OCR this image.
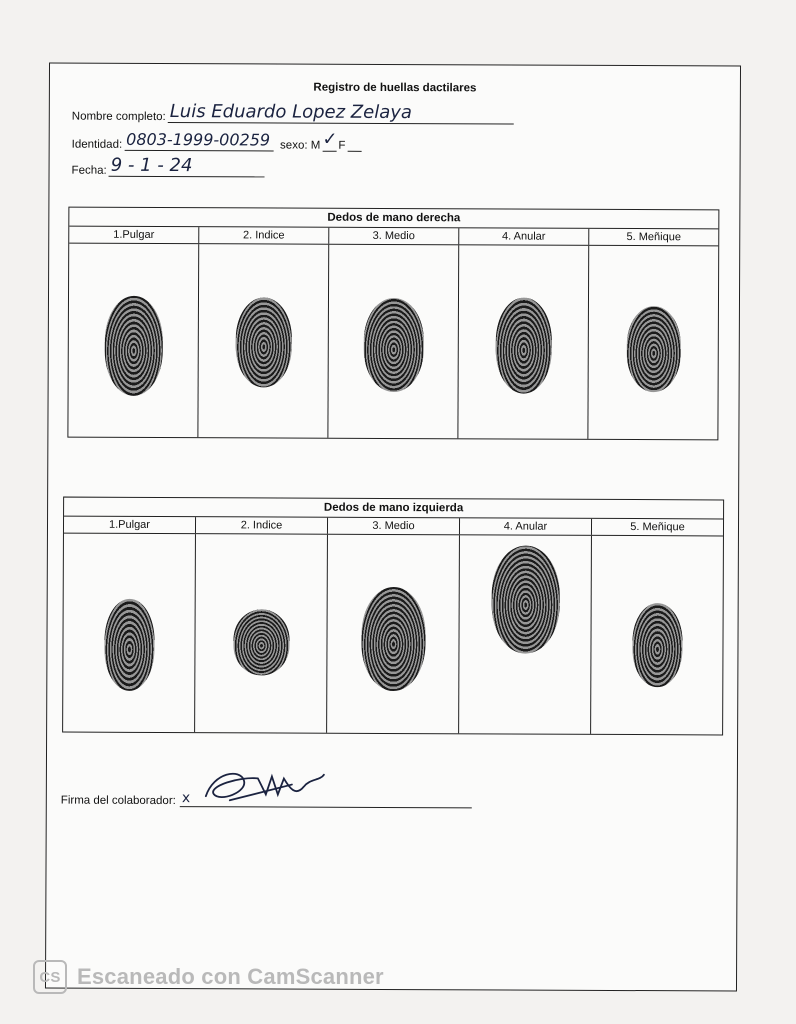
Registro de huellas dactilares
Nombre completo: Luis Eduardo Lopez Zelaya
Identidad: 0803-1999-00259 sexo: M ✓ F
Fecha: 9 - 1 - 24
Dedos de mano derecha
1.Pulgar	2. Indice	3. Medio	4. Anular	5. Meñique
Dedos de mano izquierda
1.Pulgar	2. Indice	3. Medio	4. Anular	5. Meñique
Firma del colaborador: x
CS Escaneado con CamScanner
